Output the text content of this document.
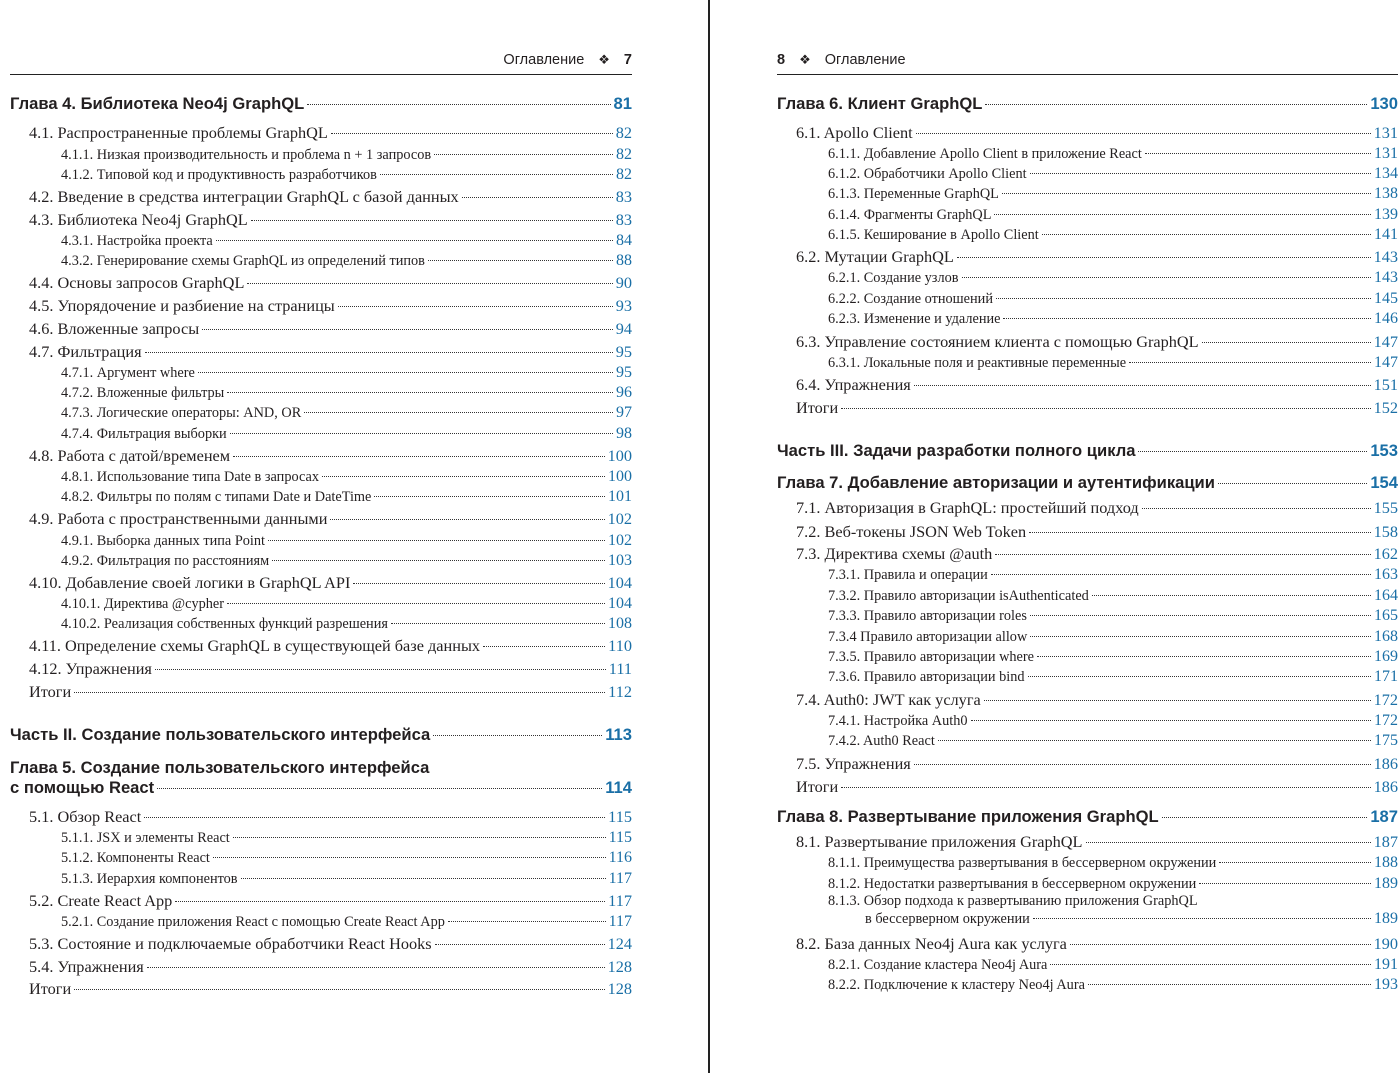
Оглавление ❖ 7
Глава 4. Библиотека Neo4j GraphQL	81
4.1. Распространенные проблемы GraphQL	82
4.1.1. Низкая производительность и проблема n + 1 запросов	82
4.1.2. Типовой код и продуктивность разработчиков	82
4.2. Введение в средства интеграции GraphQL с базой данных	83
4.3. Библиотека Neo4j GraphQL	83
4.3.1. Настройка проекта	84
4.3.2. Генерирование схемы GraphQL из определений типов	88
4.4. Основы запросов GraphQL	90
4.5. Упорядочение и разбиение на страницы	93
4.6. Вложенные запросы	94
4.7. Фильтрация	95
4.7.1. Аргумент where	95
4.7.2. Вложенные фильтры	96
4.7.3. Логические операторы: AND, OR	97
4.7.4. Фильтрация выборки	98
4.8. Работа с датой/временем	100
4.8.1. Использование типа Date в запросах	100
4.8.2. Фильтры по полям с типами Date и DateTime	101
4.9. Работа с пространственными данными	102
4.9.1. Выборка данных типа Point	102
4.9.2. Фильтрация по расстояниям	103
4.10. Добавление своей логики в GraphQL API	104
4.10.1. Директива @cypher	104
4.10.2. Реализация собственных функций разрешения	108
4.11. Определение схемы GraphQL в существующей базе данных	110
4.12. Упражнения	111
Итоги	112
Часть II. Создание пользовательского интерфейса	113
Глава 5. Создание пользовательского интерфейса
с помощью React	114
5.1. Обзор React	115
5.1.1. JSX и элементы React	115
5.1.2. Компоненты React	116
5.1.3. Иерархия компонентов	117
5.2. Create React App	117
5.2.1. Создание приложения React с помощью Create React App	117
5.3. Состояние и подключаемые обработчики React Hooks	124
5.4. Упражнения	128
Итоги	128
8 ❖ Оглавление
Глава 6. Клиент GraphQL	130
6.1. Apollo Client	131
6.1.1. Добавление Apollo Client в приложение React	131
6.1.2. Обработчики Apollo Client	134
6.1.3. Переменные GraphQL	138
6.1.4. Фрагменты GraphQL	139
6.1.5. Кеширование в Apollo Client	141
6.2. Мутации GraphQL	143
6.2.1. Создание узлов	143
6.2.2. Создание отношений	145
6.2.3. Изменение и удаление	146
6.3. Управление состоянием клиента с помощью GraphQL	147
6.3.1. Локальные поля и реактивные переменные	147
6.4. Упражнения	151
Итоги	152
Часть III. Задачи разработки полного цикла	153
Глава 7. Добавление авторизации и аутентификации	154
7.1. Авторизация в GraphQL: простейший подход	155
7.2. Веб-токены JSON Web Token	158
7.3. Директива схемы @auth	162
7.3.1. Правила и операции	163
7.3.2. Правило авторизации isAuthenticated	164
7.3.3. Правило авторизации roles	165
7.3.4 Правило авторизации allow	168
7.3.5. Правило авторизации where	169
7.3.6. Правило авторизации bind	171
7.4. Auth0: JWT как услуга	172
7.4.1. Настройка Auth0	172
7.4.2. Auth0 React	175
7.5. Упражнения	186
Итоги	186
Глава 8. Развертывание приложения GraphQL	187
8.1. Развертывание приложения GraphQL	187
8.1.1. Преимущества развертывания в бессерверном окружении	188
8.1.2. Недостатки развертывания в бессерверном окружении	189
8.1.3. Обзор подхода к развертыванию приложения GraphQL
в бессерверном окружении	189
8.2. База данных Neo4j Aura как услуга	190
8.2.1. Создание кластера Neo4j Aura	191
8.2.2. Подключение к кластеру Neo4j Aura	193
